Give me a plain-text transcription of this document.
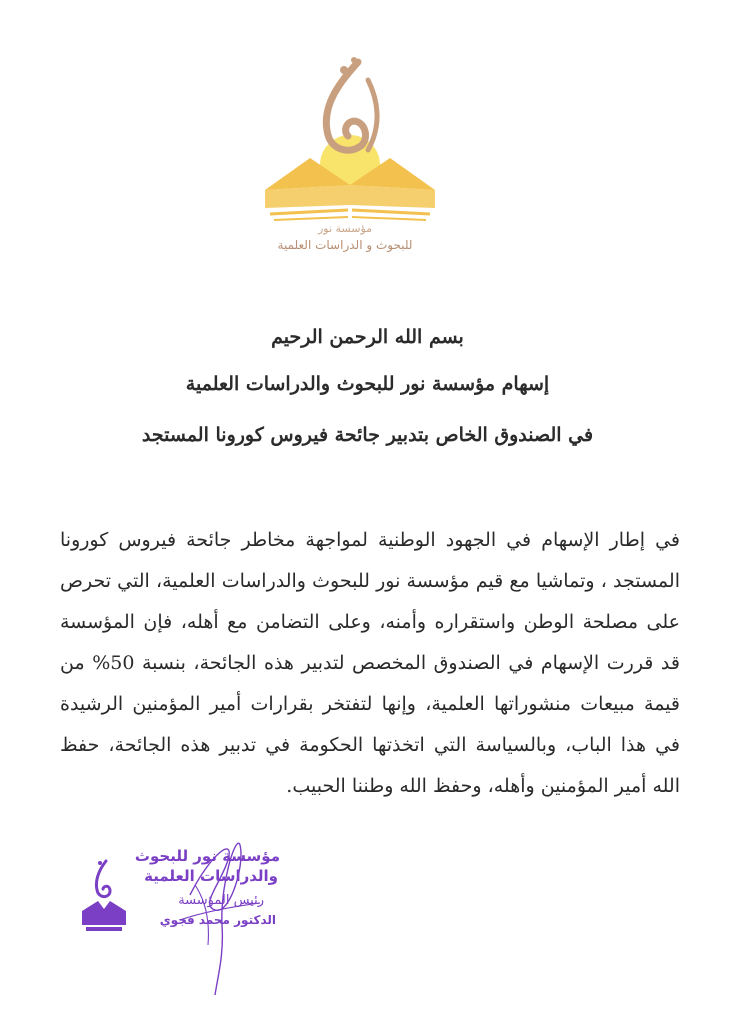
مؤسسة نور
للبحوث و الدراسات العلمية
بسم الله الرحمن الرحيم
إسهام مؤسسة نور للبحوث والدراسات العلمية
في الصندوق الخاص بتدبير جائحة فيروس كورونا المستجد
في إطار الإسهام في الجهود الوطنية لمواجهة مخاطر جائحة فيروس كورونا المستجد ، وتماشيا مع قيم مؤسسة نور للبحوث والدراسات العلمية، التي تحرص على مصلحة الوطن واستقراره وأمنه، وعلى التضامن مع أهله، فإن المؤسسة قد قررت الإسهام في الصندوق المخصص لتدبير هذه الجائحة، بنسبة 50% من قيمة مبيعات منشوراتها العلمية، وإنها لتفتخر بقرارات أمير المؤمنين الرشيدة في هذا الباب، وبالسياسة التي اتخذتها الحكومة في تدبير هذه الجائحة، حفظ الله أمير المؤمنين وأهله، وحفظ الله وطننا الحبيب.
مؤسسة نور للبحوث
والدراسات العلمية
رئيس المؤسسة
الدكتور محمد فجوي
